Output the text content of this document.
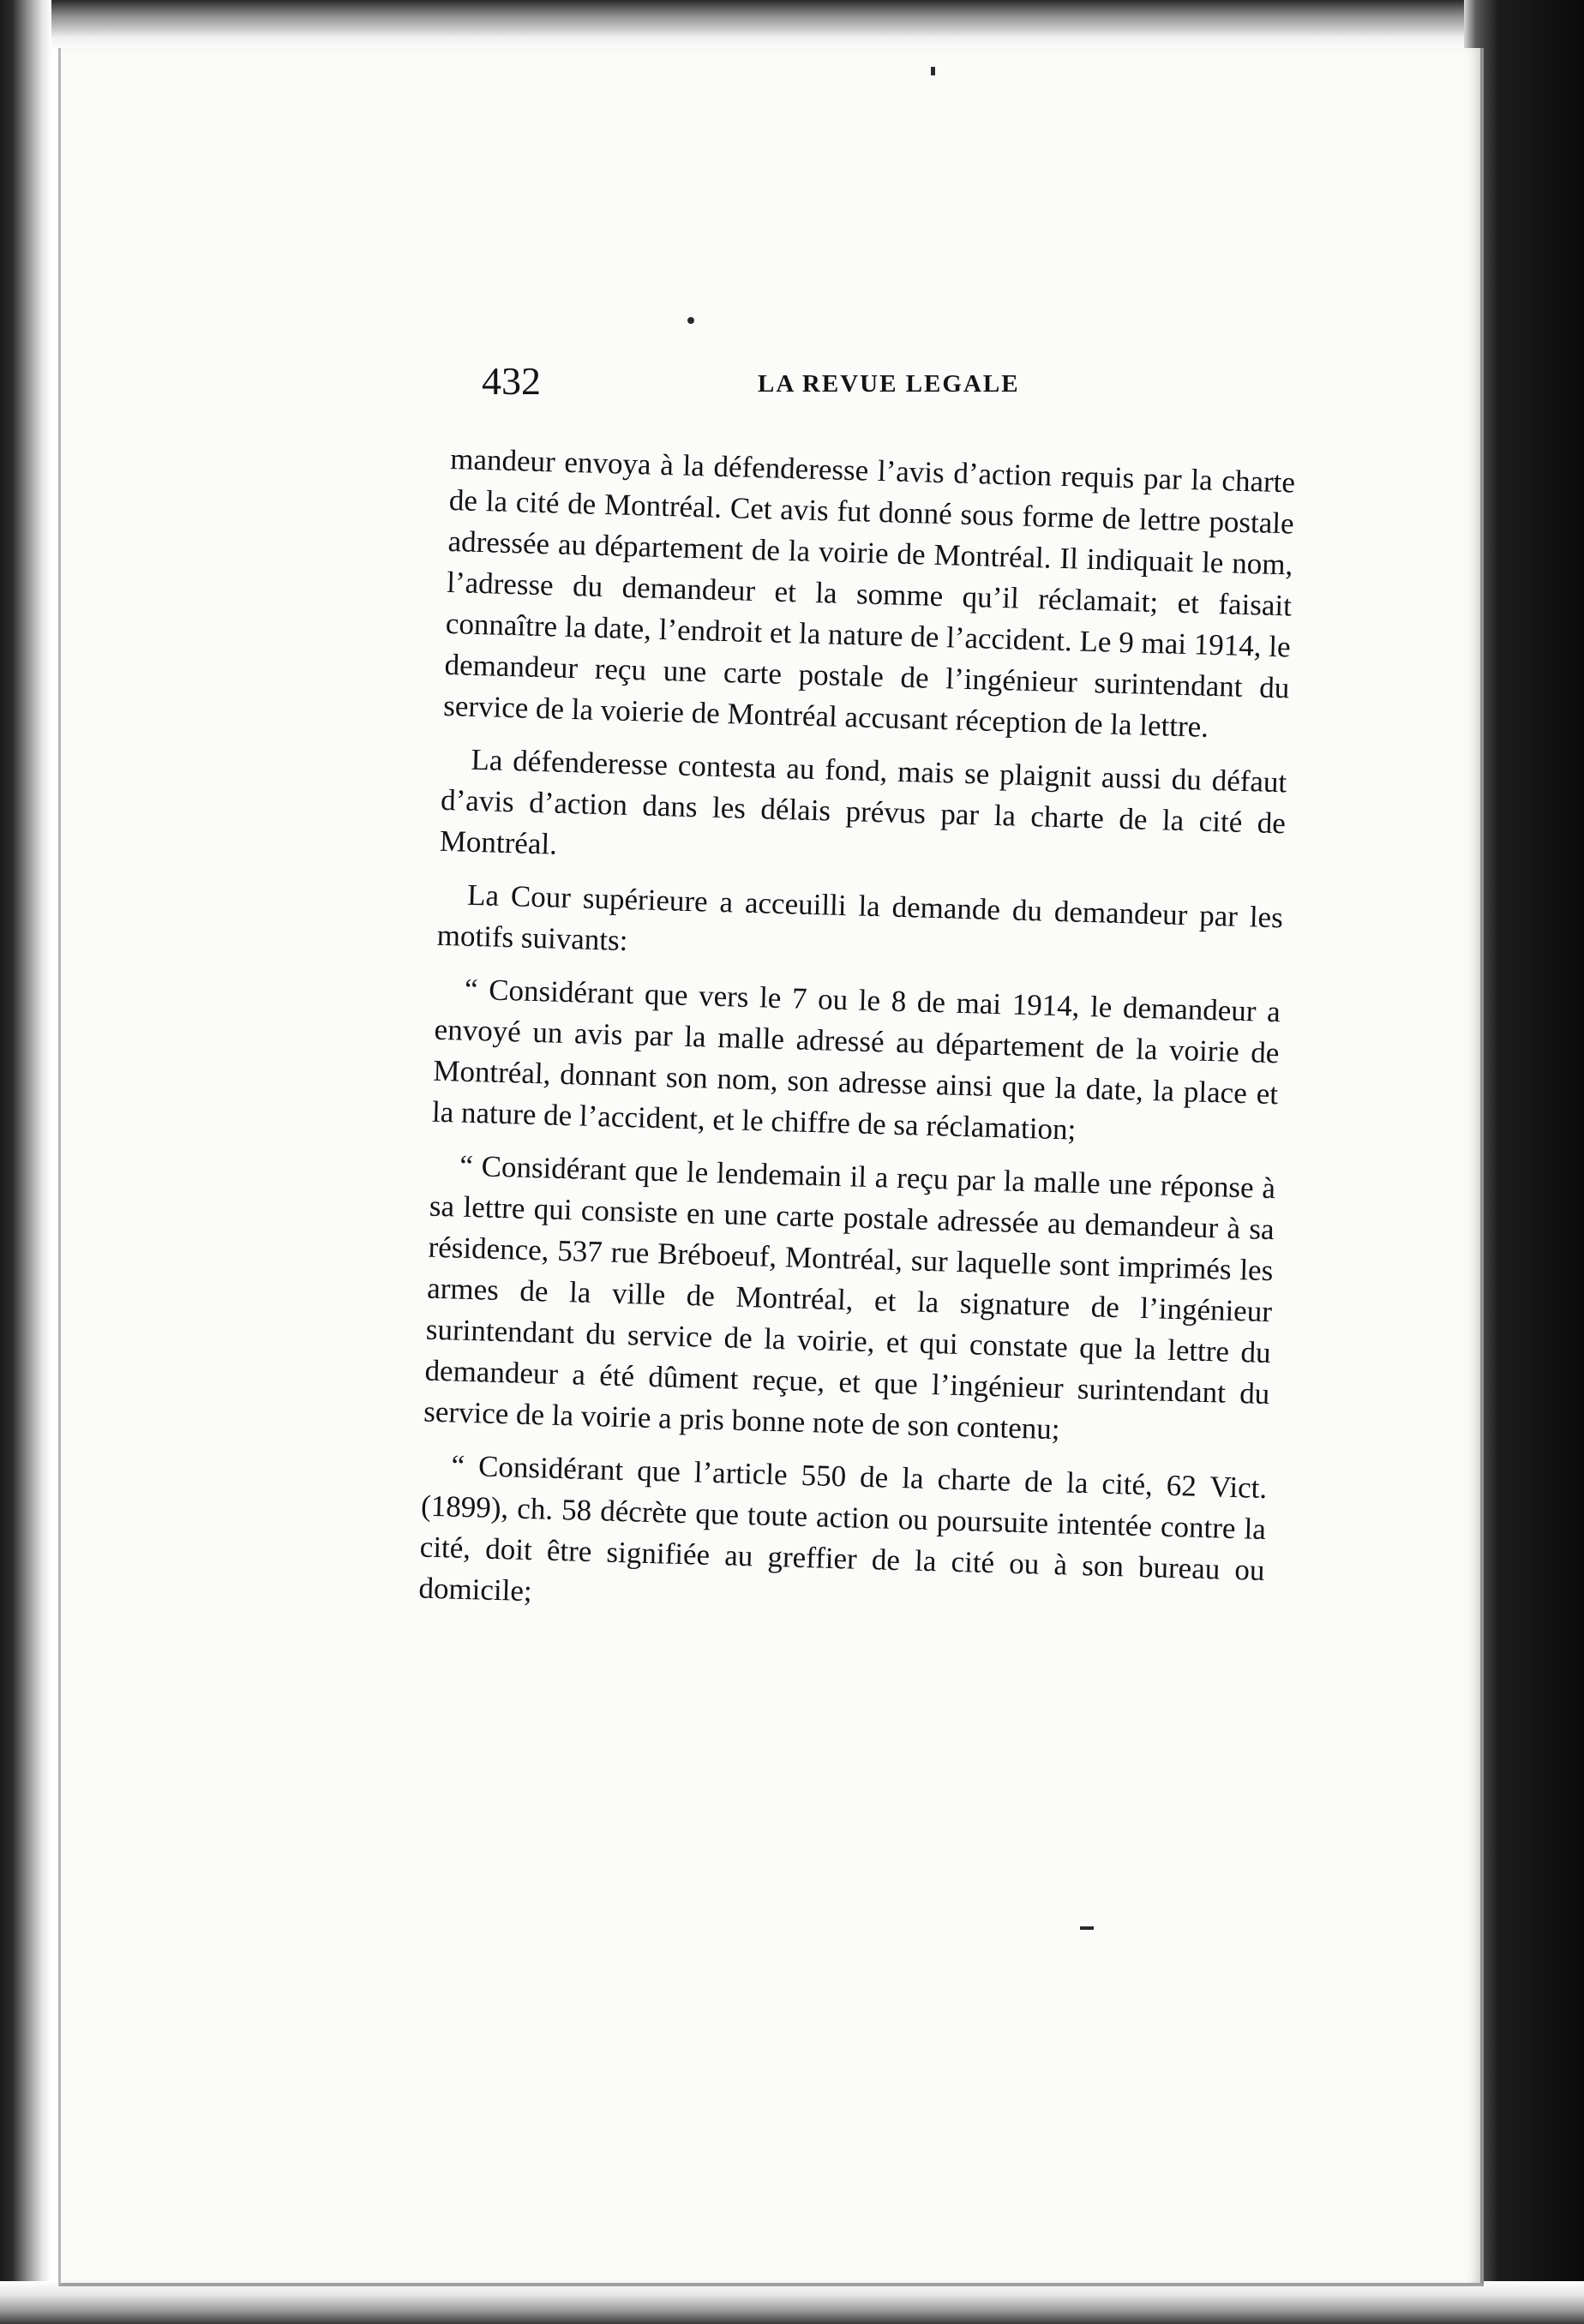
432	LA REVUE LEGALE

mandeur envoya à la défenderesse l’avis d’action requis par la charte de la cité de Montréal. Cet avis fut donné sous forme de lettre postale adressée au département de la voirie de Montréal. Il indiquait le nom, l’adresse du demandeur et la somme qu’il réclamait; et faisait connaître la date, l’endroit et la nature de l’accident. Le 9 mai 1914, le demandeur reçu une carte postale de l’ingénieur surintendant du service de la voierie de Montréal accusant réception de la lettre.

La défenderesse contesta au fond, mais se plaignit aussi du défaut d’avis d’action dans les délais prévus par la charte de la cité de Montréal.

La Cour supérieure a acceuilli la demande du demandeur par les motifs suivants:

“ Considérant que vers le 7 ou le 8 de mai 1914, le demandeur a envoyé un avis par la malle adressé au département de la voirie de Montréal, donnant son nom, son adresse ainsi que la date, la place et la nature de l’accident, et le chiffre de sa réclamation;

“ Considérant que le lendemain il a reçu par la malle une réponse à sa lettre qui consiste en une carte postale adressée au demandeur à sa résidence, 537 rue Bréboeuf, Montréal, sur laquelle sont imprimés les armes de la ville de Montréal, et la signature de l’ingénieur surintendant du service de la voirie, et qui constate que la lettre du demandeur a été dûment reçue, et que l’ingénieur surintendant du service de la voirie a pris bonne note de son contenu;

“ Considérant que l’article 550 de la charte de la cité, 62 Vict. (1899), ch. 58 décrète que toute action ou poursuite intentée contre la cité, doit être signifiée au greffier de la cité ou à son bureau ou domicile;
